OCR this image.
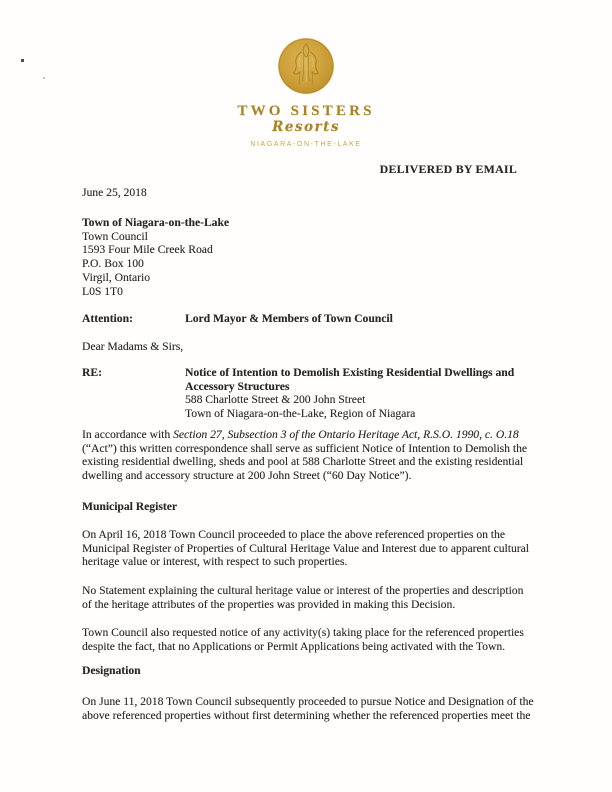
TWO SISTERS
Resorts
NIAGARA-ON-THE-LAKE
DELIVERED BY EMAIL
June 25, 2018
Town of Niagara-on-the-Lake
Town Council
1593 Four Mile Creek Road
P.O. Box 100
Virgil, Ontario
L0S 1T0
Attention:	Lord Mayor & Members of Town Council
Dear Madams & Sirs,
RE:	Notice of Intention to Demolish Existing Residential Dwellings and Accessory Structures
588 Charlotte Street & 200 John Street
Town of Niagara-on-the-Lake, Region of Niagara

In accordance with Section 27, Subsection 3 of the Ontario Heritage Act, R.S.O. 1990, c. O.18 (“Act”) this written correspondence shall serve as sufficient Notice of Intention to Demolish the existing residential dwelling, sheds and pool at 588 Charlotte Street and the existing residential dwelling and accessory structure at 200 John Street (“60 Day Notice”).

Municipal Register

On April 16, 2018 Town Council proceeded to place the above referenced properties on the Municipal Register of Properties of Cultural Heritage Value and Interest due to apparent cultural heritage value or interest, with respect to such properties.

No Statement explaining the cultural heritage value or interest of the properties and description of the heritage attributes of the properties was provided in making this Decision.

Town Council also requested notice of any activity(s) taking place for the referenced properties despite the fact, that no Applications or Permit Applications being activated with the Town.

Designation

On June 11, 2018 Town Council subsequently proceeded to pursue Notice and Designation of the above referenced properties without first determining whether the referenced properties meet the
